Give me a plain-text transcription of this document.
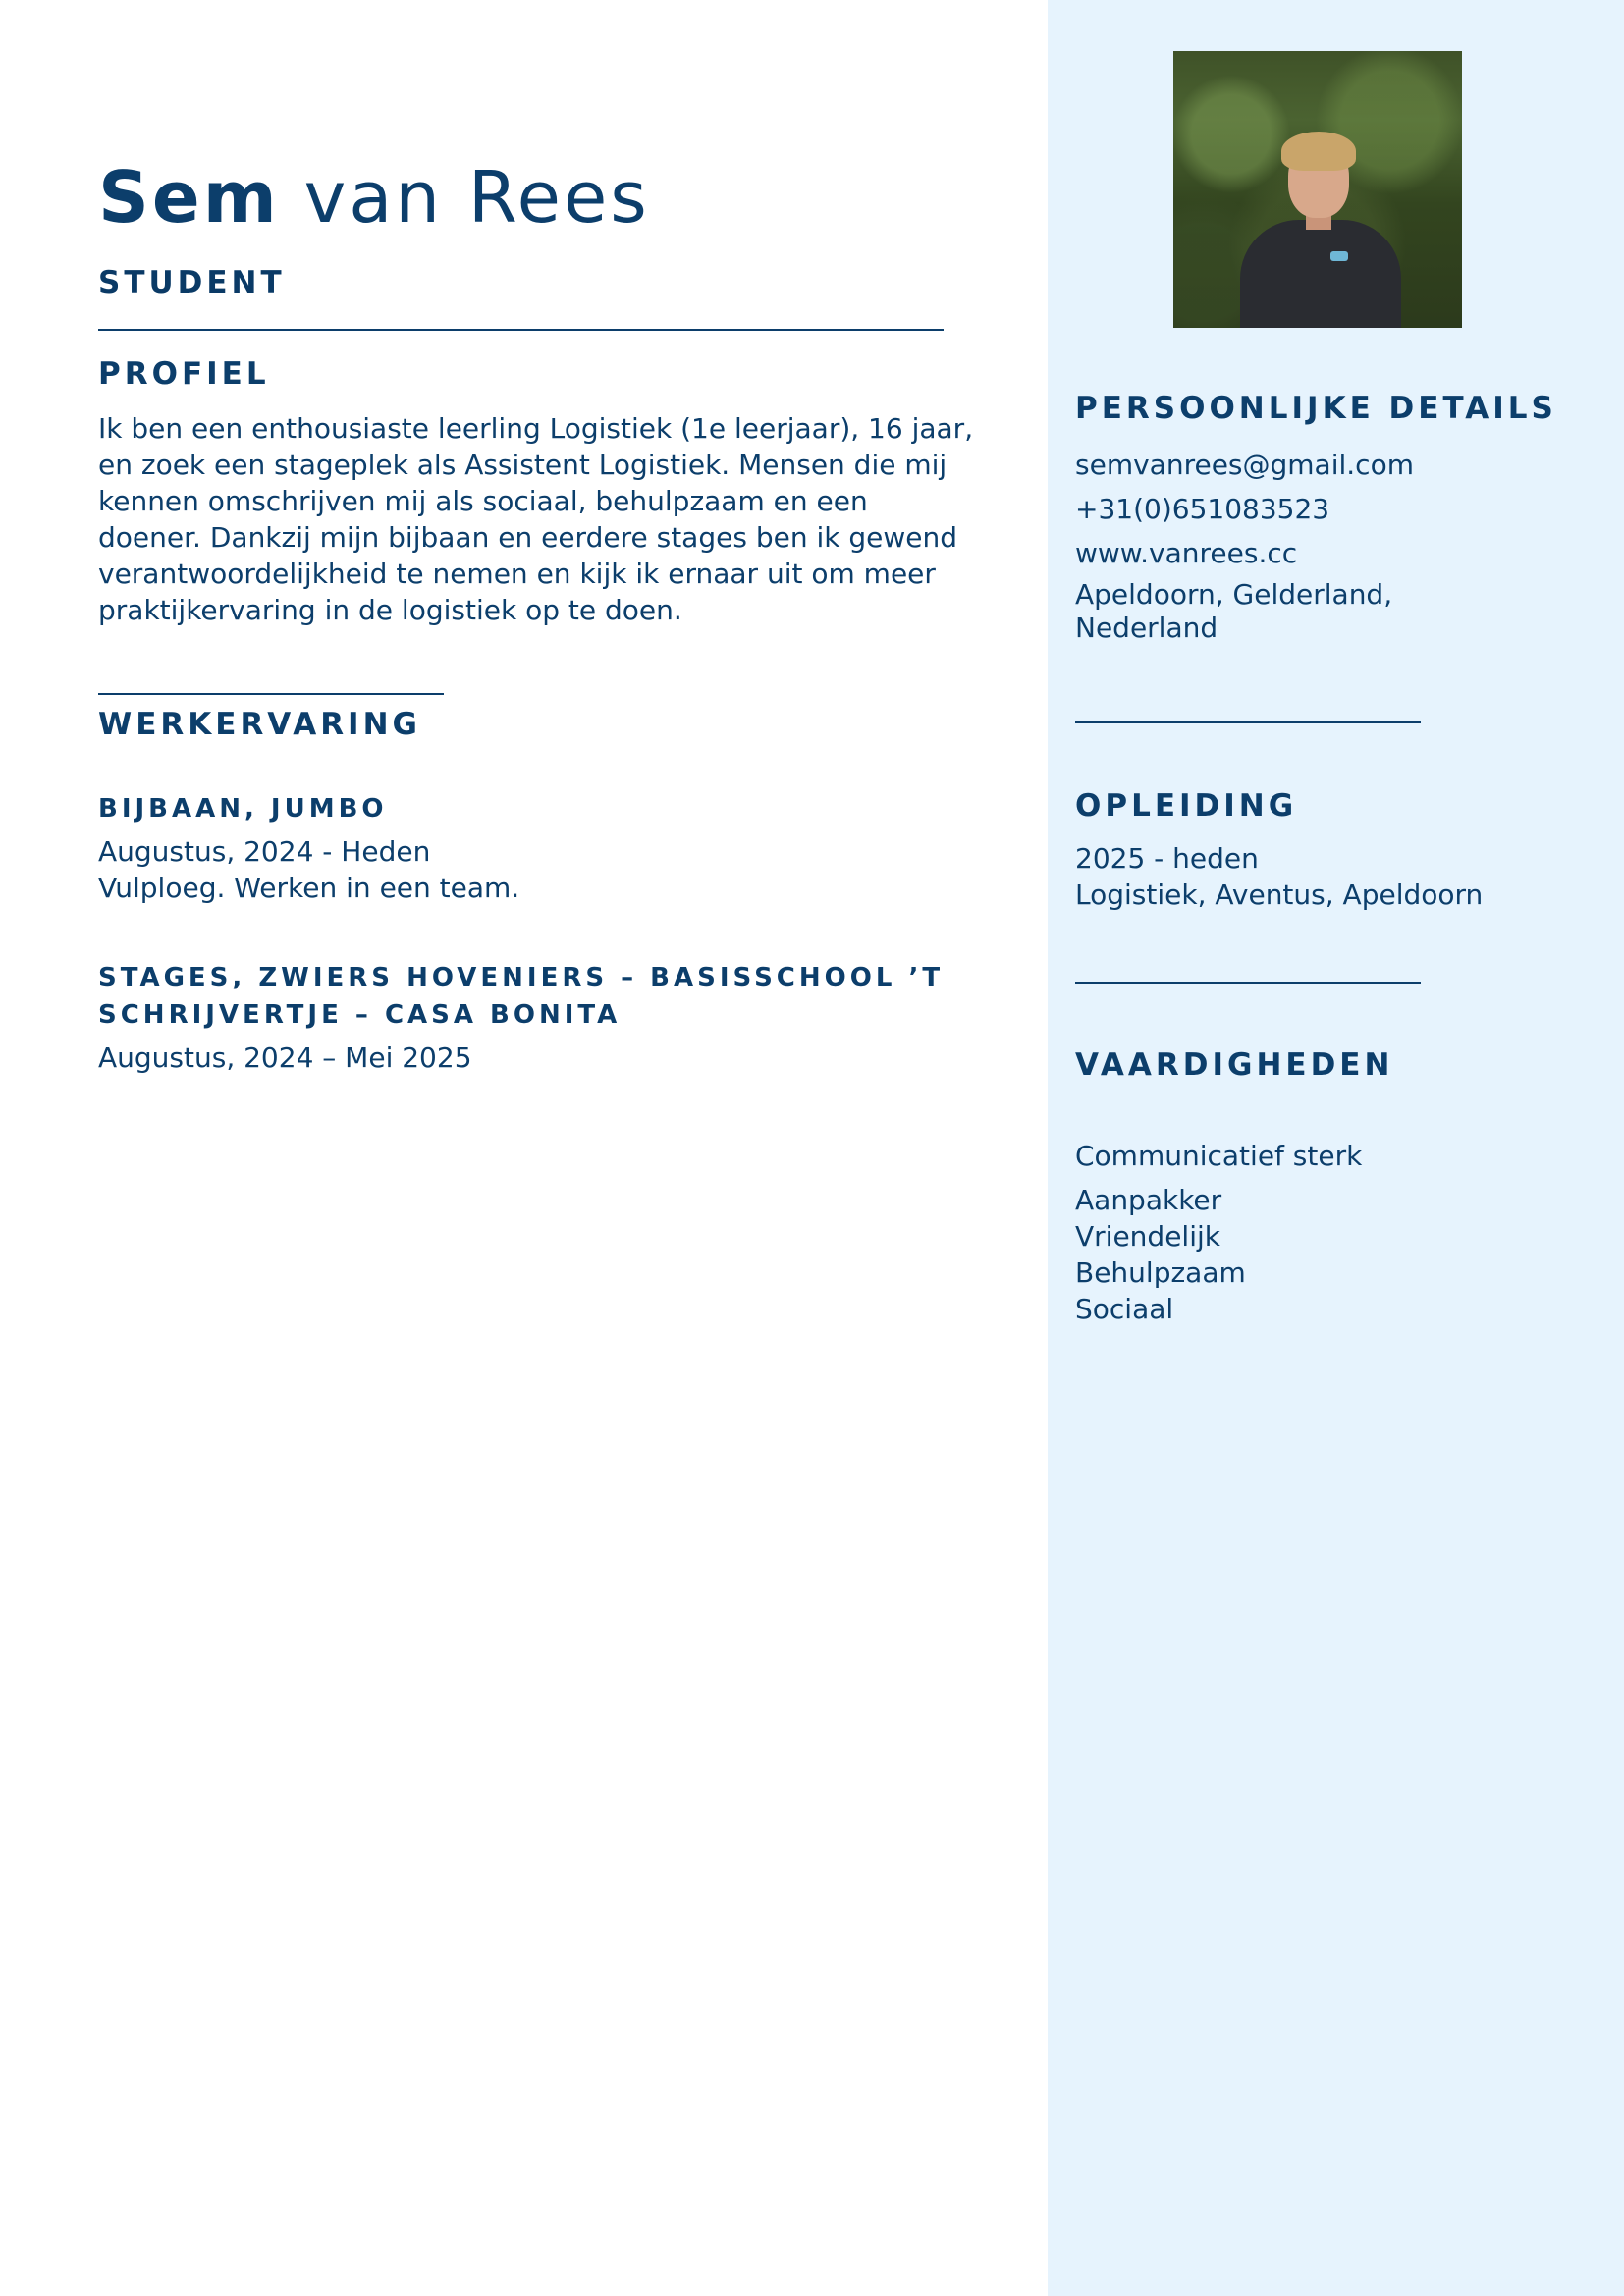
Sem van Rees
STUDENT
PROFIEL
Ik ben een enthousiaste leerling Logistiek (1e leerjaar), 16 jaar,
en zoek een stageplek als Assistent Logistiek. Mensen die mij
kennen omschrijven mij als sociaal, behulpzaam en een
doener. Dankzij mijn bijbaan en eerdere stages ben ik gewend
verantwoordelijkheid te nemen en kijk ik ernaar uit om meer
praktijkervaring in de logistiek op te doen.
WERKERVARING
BIJBAAN, JUMBO
Augustus, 2024 - Heden
Vulploeg. Werken in een team.
STAGES, ZWIERS HOVENIERS – BASISSCHOOL ’T
SCHRIJVERTJE – CASA BONITA
Augustus, 2024 – Mei 2025
PERSOONLIJKE DETAILS
semvanrees@gmail.com
+31(0)651083523
www.vanrees.cc
Apeldoorn, Gelderland,
Nederland
OPLEIDING
2025 - heden
Logistiek, Aventus, Apeldoorn
VAARDIGHEDEN
Communicatief sterk
Aanpakker
Vriendelijk
Behulpzaam
Sociaal
